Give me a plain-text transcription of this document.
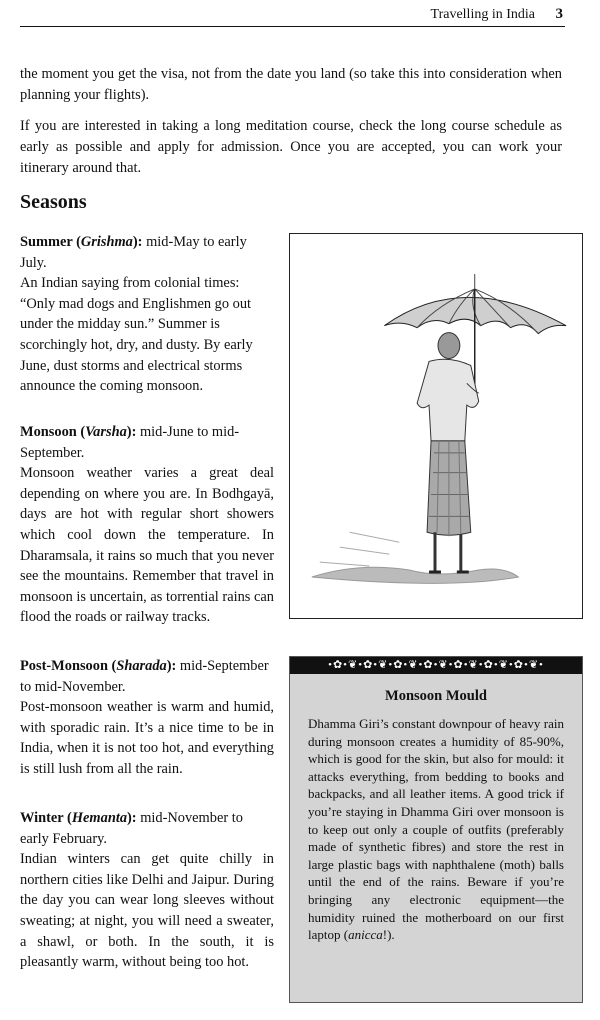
Travelling in India 3

the moment you get the visa, not from the date you land (so take this into consideration when planning your flights).

If you are interested in taking a long meditation course, check the long course schedule as early as possible and apply for admission. Once you are accepted, you can work your itinerary around that.

Seasons
Summer (Grishma): mid-May to early July.
An Indian saying from colonial times: “Only mad dogs and Englishmen go out under the midday sun.” Summer is scorchingly hot, dry, and dusty. By early June, dust storms and electrical storms announce the coming monsoon.
Monsoon (Varsha): mid-June to mid-September.
Monsoon weather varies a great deal depending on where you are. In Bodhgayā, days are hot with regular short showers which cool down the temperature. In Dharamsala, it rains so much that you never see the mountains. Remember that travel in monsoon is uncertain, as torrential rains can flood the roads or railway tracks.
Post-Monsoon (Sharada): mid-September to mid-November.
Post-monsoon weather is warm and humid, with sporadic rain. It’s a nice time to be in India, when it is not too hot, and everything is still lush from all the rain.
Winter (Hemanta): mid-November to early February.
Indian winters can get quite chilly in northern cities like Delhi and Jaipur. During the day you can wear long sleeves without sweating; at night, you will need a sweater, a shawl, or both. In the south, it is pleasantly warm, without being too hot.
•✿•❦•✿•❦•✿•❦•✿•❦•✿•❦•✿•❦•✿•❦•
Monsoon Mould
Dhamma Giri’s constant downpour of heavy rain during monsoon creates a humidity of 85-90%, which is good for the skin, but also for mould: it attacks everything, from bedding to books and backpacks, and all leather items. A good trick if you’re staying in Dhamma Giri over monsoon is to keep out only a couple of outfits (preferably made of synthetic fibres) and store the rest in large plastic bags with naphthalene (moth) balls until the end of the rains. Beware if you’re bringing any electronic equipment—the humidity ruined the motherboard on our first laptop (anicca!).
